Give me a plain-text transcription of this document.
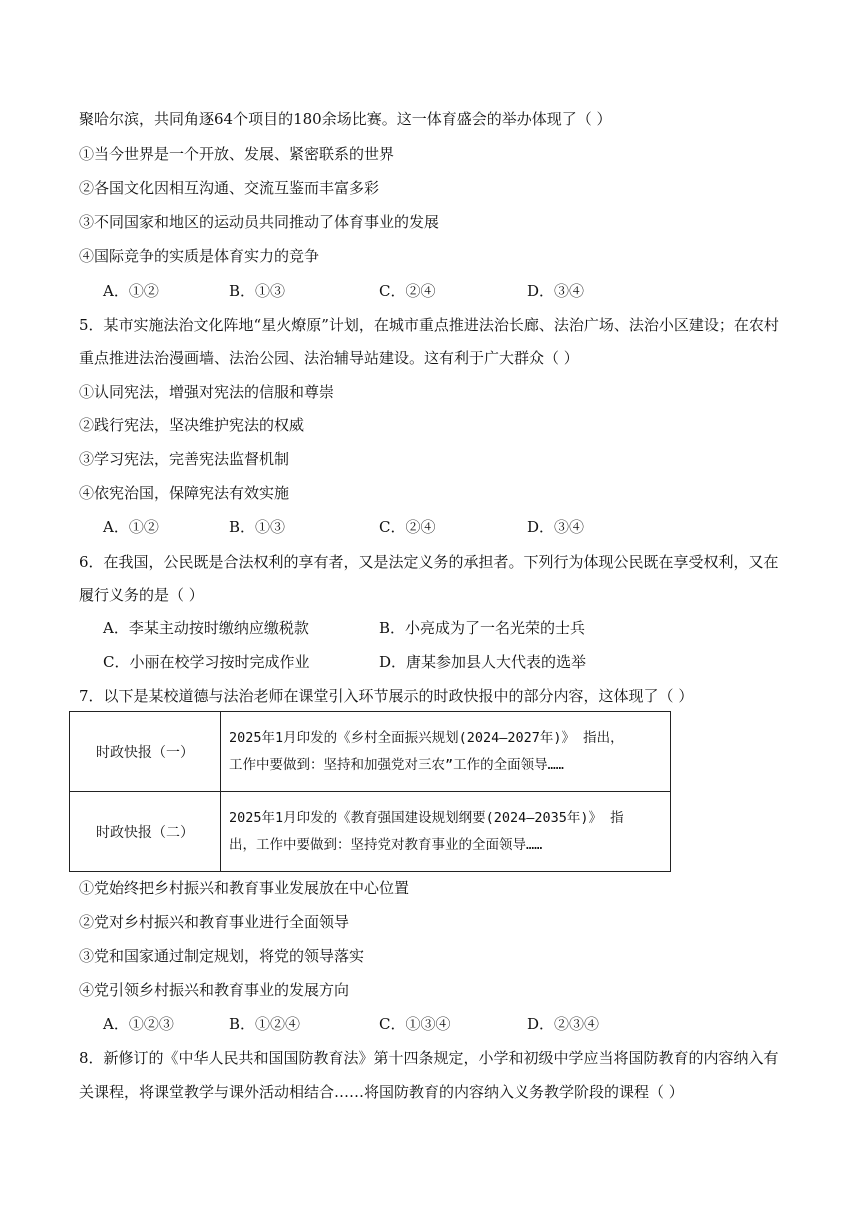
聚哈尔滨，共同角逐64个项目的180余场比赛。这一体育盛会的举办体现了（ ）
①当今世界是一个开放、发展、紧密联系的世界
②各国文化因相互沟通、交流互鉴而丰富多彩
③不同国家和地区的运动员共同推动了体育事业的发展
④国际竞争的实质是体育实力的竞争
A．①②	B．①③	C．②④	D．③④
5．某市实施法治文化阵地“星火燎原”计划，在城市重点推进法治长廊、法治广场、法治小区建设；在农村
重点推进法治漫画墙、法治公园、法治辅导站建设。这有利于广大群众（ ）
①认同宪法，增强对宪法的信服和尊崇
②践行宪法，坚决维护宪法的权威
③学习宪法，完善宪法监督机制
④依宪治国，保障宪法有效实施
A．①②	B．①③	C．②④	D．③④
6．在我国，公民既是合法权利的享有者，又是法定义务的承担者。下列行为体现公民既在享受权利，又在
履行义务的是（ ）
A．李某主动按时缴纳应缴税款	B．小亮成为了一名光荣的士兵
C．小丽在校学习按时完成作业	D．唐某参加县人大代表的选举
7．以下是某校道德与法治老师在课堂引入环节展示的时政快报中的部分内容，这体现了（ ）
时政快报（一）	2025年1月印发的《乡村全面振兴规划(2024—2027年)》 指出，
工作中要做到：坚持和加强党对三农”工作的全面领导……

时政快报（二）	2025年1月印发的《教育强国建设规划纲要(2024—2035年)》 指
出，工作中要做到：坚持党对教育事业的全面领导……
①党始终把乡村振兴和教育事业发展放在中心位置
②党对乡村振兴和教育事业进行全面领导
③党和国家通过制定规划，将党的领导落实
④党引领乡村振兴和教育事业的发展方向
A．①②③	B．①②④	C．①③④	D．②③④
8．新修订的《中华人民共和国国防教育法》第十四条规定，小学和初级中学应当将国防教育的内容纳入有
关课程，将课堂教学与课外活动相结合……将国防教育的内容纳入义务教学阶段的课程（ ）
